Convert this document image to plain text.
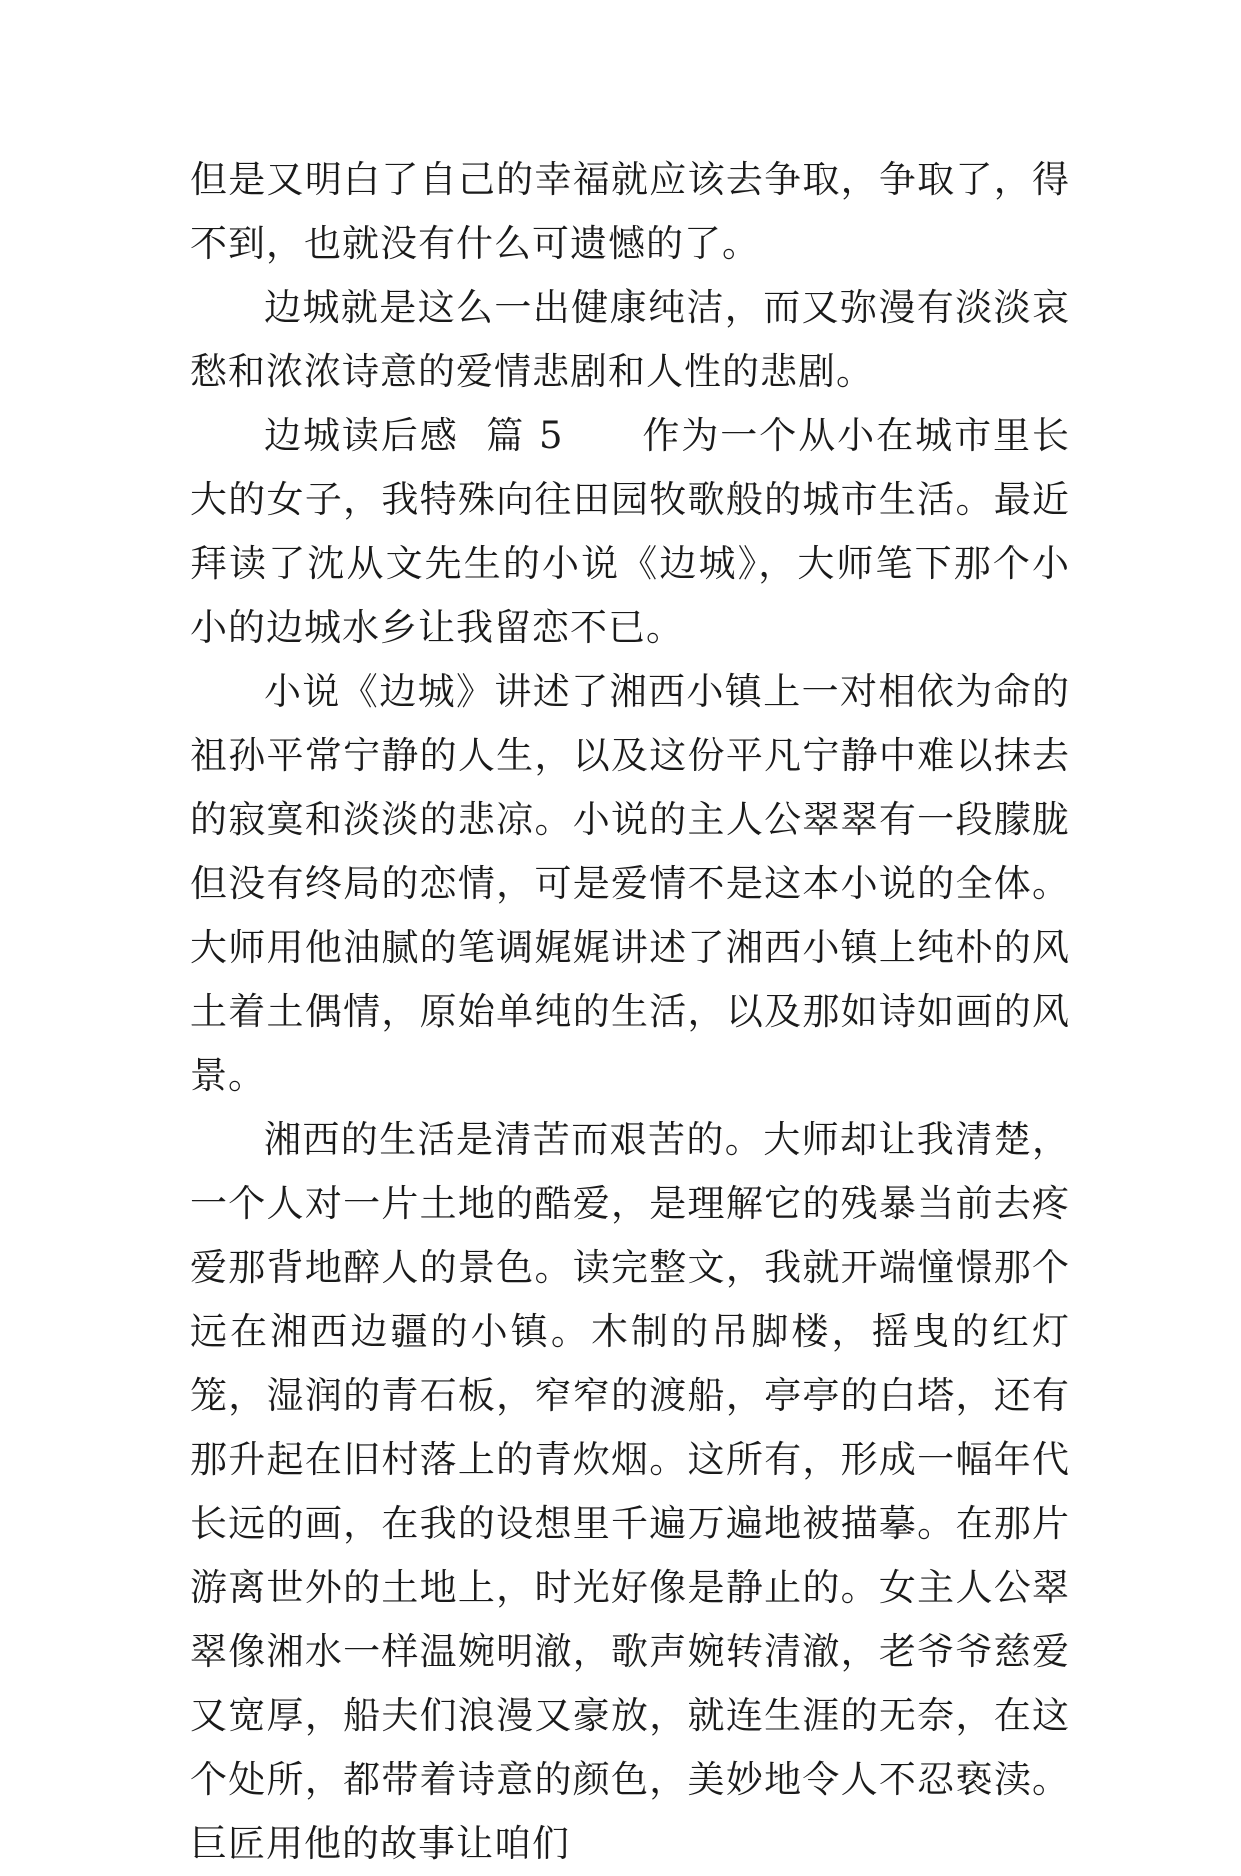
但是又明白了自己的幸福就应该去争取，争取了，得不到，也就没有什么可遗憾的了。

边城就是这么一出健康纯洁，而又弥漫有淡淡哀愁和浓浓诗意的爱情悲剧和人性的悲剧。

边城读后感  篇 5　　作为一个从小在城市里长大的女子，我特殊向往田园牧歌般的城市生活。最近拜读了沈从文先生的小说《边城》，大师笔下那个小小的边城水乡让我留恋不已。

小说《边城》讲述了湘西小镇上一对相依为命的祖孙平常宁静的人生，以及这份平凡宁静中难以抹去的寂寞和淡淡的悲凉。小说的主人公翠翠有一段朦胧但没有终局的恋情，可是爱情不是这本小说的全体。大师用他油腻的笔调娓娓讲述了湘西小镇上纯朴的风土着土偶情，原始单纯的生活，以及那如诗如画的风景。

湘西的生活是清苦而艰苦的。大师却让我清楚，一个人对一片土地的酷爱，是理解它的残暴当前去疼爱那背地醉人的景色。读完整文，我就开端憧憬那个远在湘西边疆的小镇。木制的吊脚楼，摇曳的红灯笼，湿润的青石板，窄窄的渡船，亭亭的白塔，还有那升起在旧村落上的青炊烟。这所有，形成一幅年代长远的画，在我的设想里千遍万遍地被描摹。在那片游离世外的土地上，时光好像是静止的。女主人公翠翠像湘水一样温婉明澈，歌声婉转清澈，老爷爷慈爱又宽厚，船夫们浪漫又豪放，就连生涯的无奈，在这个处所，都带着诗意的颜色，美妙地令人不忍亵渎。巨匠用他的故事让咱们
